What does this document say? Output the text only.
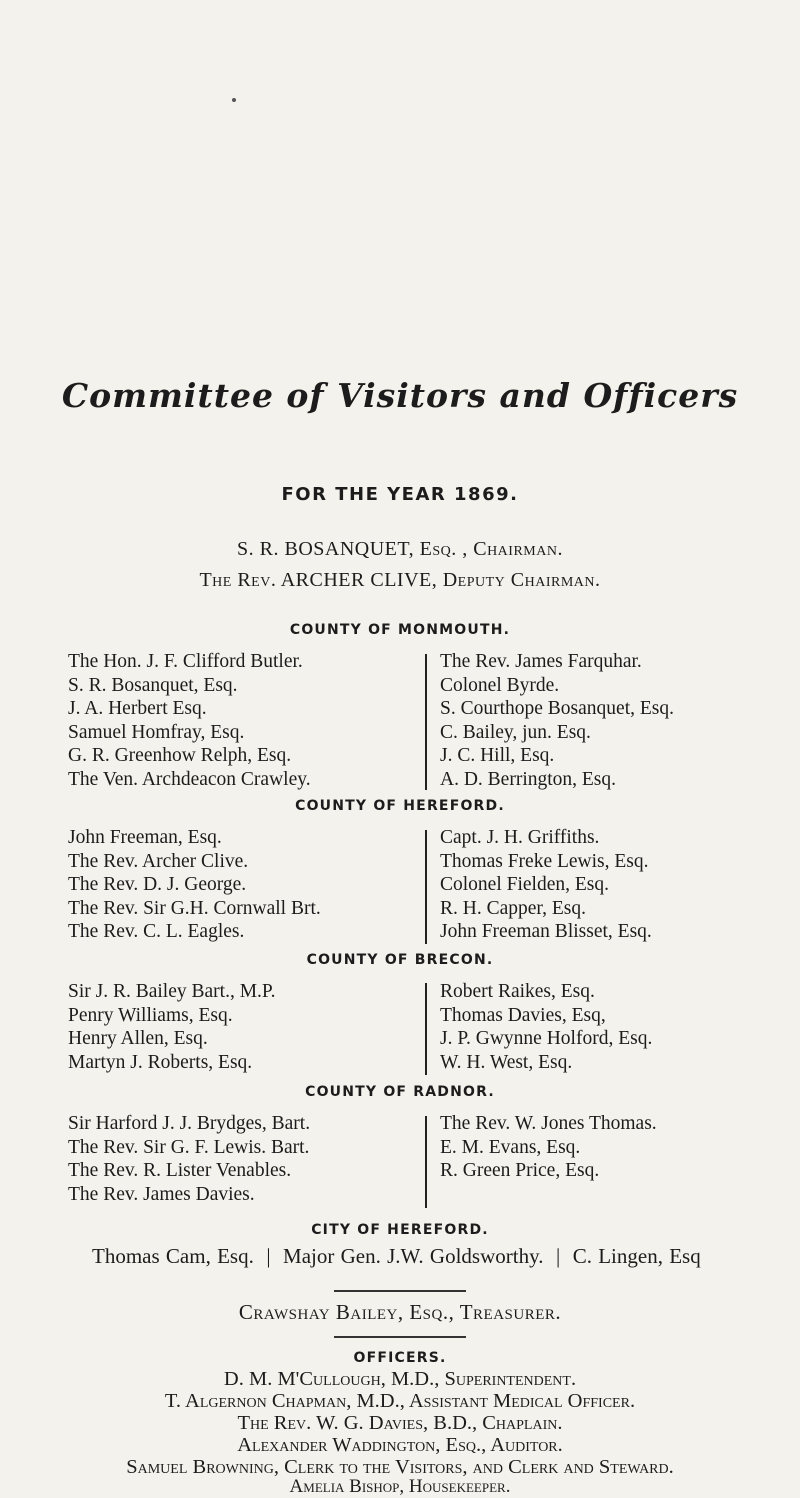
Committee of Visitors and Officers
FOR THE YEAR 1869.
S. R. BOSANQUET, Esq. , Chairman.
The Rev. ARCHER CLIVE, Deputy Chairman.
COUNTY OF MONMOUTH.
The Hon. J. F. Clifford Butler.
S. R. Bosanquet, Esq.
J. A. Herbert Esq.
Samuel Homfray, Esq.
G. R. Greenhow Relph, Esq.
The Ven. Archdeacon Crawley.
The Rev. James Farquhar.
Colonel Byrde.
S. Courthope Bosanquet, Esq.
C. Bailey, jun. Esq.
J. C. Hill, Esq.
A. D. Berrington, Esq.
COUNTY OF HEREFORD.
John Freeman, Esq.
The Rev. Archer Clive.
The Rev. D. J. George.
The Rev. Sir G.H. Cornwall Brt.
The Rev. C. L. Eagles.
Capt. J. H. Griffiths.
Thomas Freke Lewis, Esq.
Colonel Fielden, Esq.
R. H. Capper, Esq.
John Freeman Blisset, Esq.
COUNTY OF BRECON.
Sir J. R. Bailey Bart., M.P.
Penry Williams, Esq.
Henry Allen, Esq.
Martyn J. Roberts, Esq.
Robert Raikes, Esq.
Thomas Davies, Esq,
J. P. Gwynne Holford, Esq.
W. H. West, Esq.
COUNTY OF RADNOR.
Sir Harford J. J. Brydges, Bart.
The Rev. Sir G. F. Lewis. Bart.
The Rev. R. Lister Venables.
The Rev. James Davies.
The Rev. W. Jones Thomas.
E. M. Evans, Esq.
R. Green Price, Esq.
CITY OF HEREFORD.
Thomas Cam, Esq.  |  Major Gen. J.W. Goldsworthy.  |  C. Lingen, Esq
Crawshay Bailey, Esq., Treasurer.
OFFICERS.
D. M. M'Cullough, M.D., Superintendent.
T. Algernon Chapman, M.D., Assistant Medical Officer.
The Rev. W. G. Davies, B.D., Chaplain.
Alexander Waddington, Esq., Auditor.
Samuel Browning, Clerk to the Visitors, and Clerk and Steward.
Amelia Bishop, Housekeeper.
